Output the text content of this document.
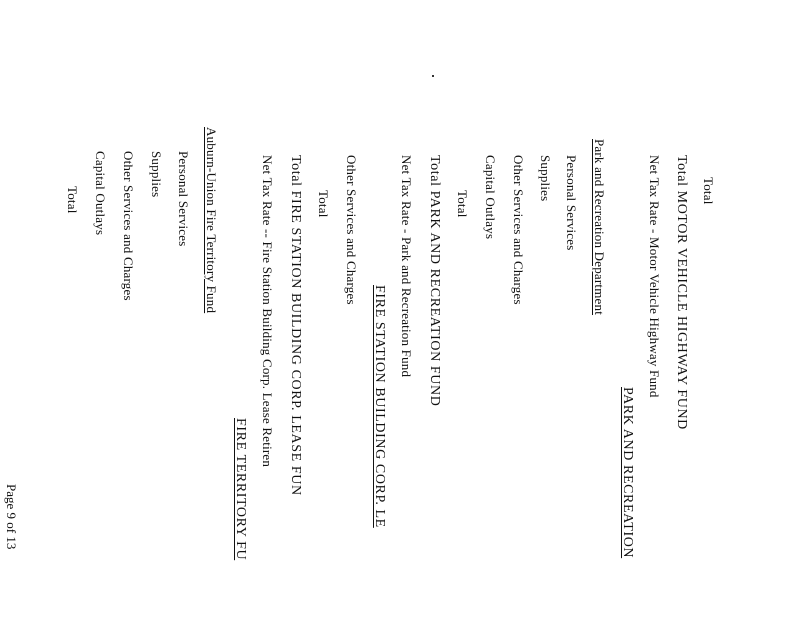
Total
Total MOTOR VEHICLE HIGHWAY FUND
Net Tax Rate - Motor Vehicle Highway Fund
PARK AND RECREATION
Park and Recreation Department
Personal Services
Supplies
Other Services and Charges
Capital Outlays
Total
Total PARK AND RECREATION FUND
Net Tax Rate - Park and Recreation Fund
FIRE STATION BUILDING CORP. LE
Other Services and Charges
Total
Total FIRE STATION BUILDING CORP. LEASE FUN
Net Tax Rate -- Fire Station Building Corp. Lease Retiren
FIRE TERRITORY FU
Auburn-Union Fire Territory Fund
Personal Services
Supplies
Other Services and Charges
Capital Outlays
Total
Page 9 of 13
